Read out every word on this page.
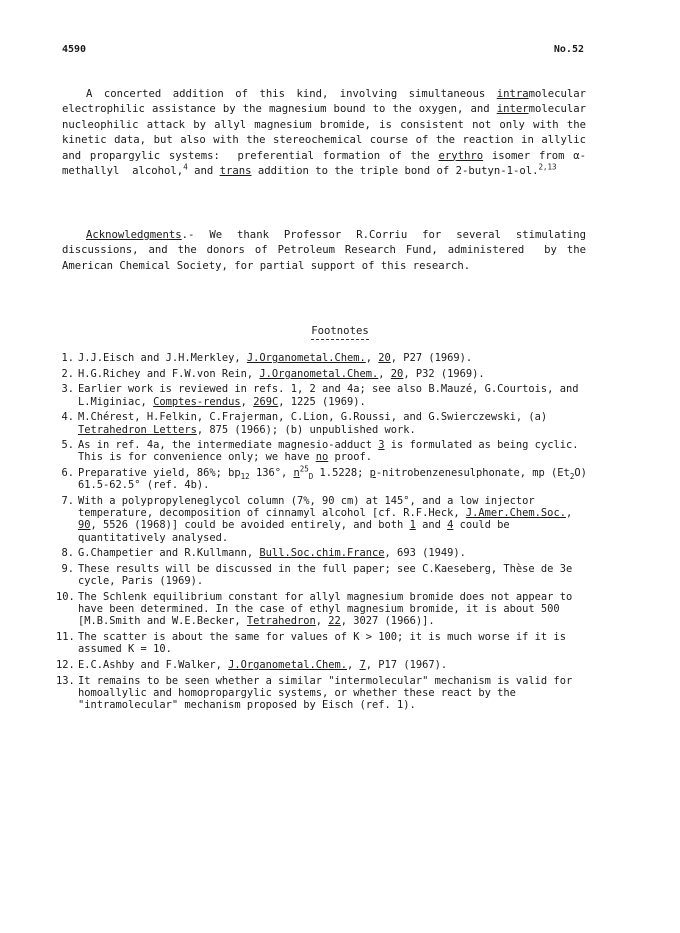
4590	No.52
A concerted addition of this kind, involving simultaneous intramolecular electrophilic assistance by the magnesium bound to the oxygen, and intermolecular nucleophilic attack by allyl magnesium bromide, is consistent not only with the kinetic data, but also with the stereochemical course of the reaction in allylic and propargylic systems:  preferential formation of the erythro isomer from α-methallyl  alcohol,$^4$ and trans addition to the triple bond of 2-butyn-1-ol.$^{2,13}$
Acknowledgments.- We thank Professor R.Corriu for several stimulating discussions, and the donors of Petroleum Research Fund, administered  by the American Chemical Society, for partial support of this research.
Footnotes
1. J.J.Eisch and J.H.Merkley, J.Organometal.Chem., 20, P27 (1969).
2. H.G.Richey and F.W.von Rein, J.Organometal.Chem., 20, P32 (1969).
3. Earlier work is reviewed in refs. 1, 2 and 4a; see also B.Mauzé, G.Courtois, and L.Miginiac, Comptes-rendus, 269C, 1225 (1969).
4. M.Chérest, H.Felkin, C.Frajerman, C.Lion, G.Roussi, and G.Swierczewski, (a) Tetrahedron Letters, 875 (1966); (b) unpublished work.
5. As in ref. 4a, the intermediate magnesio-adduct 3 is formulated as being cyclic. This is for convenience only; we have no proof.
6. Preparative yield, 86%; $bp_{12}$ 136°, $n^{25}_D$ 1.5228; p-nitrobenzenesulphonate, mp $(Et_2O)$ 61.5-62.5° (ref. 4b).
7. With a polypropyleneglycol column (7%, 90 cm) at 145°, and a low injector temperature, decomposition of cinnamyl alcohol [cf. R.F.Heck, J.Amer.Chem.Soc., 90, 5526 (1968)] could be avoided entirely, and both 1 and 4 could be quantitatively analysed.
8. G.Champetier and R.Kullmann, Bull.Soc.chim.France, 693 (1949).
9. These results will be discussed in the full paper; see C.Kaeseberg, Thèse de 3e cycle, Paris (1969).
10. The Schlenk equilibrium constant for allyl magnesium bromide does not appear to have been determined. In the case of ethyl magnesium bromide, it is about 500 [M.B.Smith and W.E.Becker, Tetrahedron, 22, 3027 (1966)].
11. The scatter is about the same for values of K > 100; it is much worse if it is assumed K = 10.
12. E.C.Ashby and F.Walker, J.Organometal.Chem., 7, P17 (1967).
13. It remains to be seen whether a similar "intermolecular" mechanism is valid for homoallylic and homopropargylic systems, or whether these react by the "intramolecular" mechanism proposed by Eisch (ref. 1).
